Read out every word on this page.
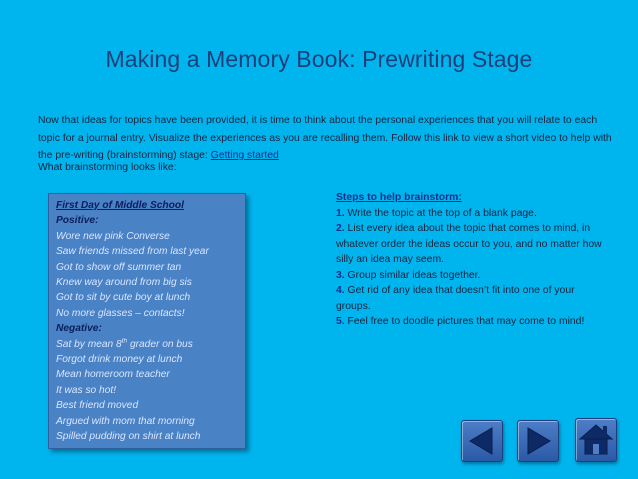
Making a Memory Book: Prewriting Stage
Now that ideas for topics have been provided, it is time to think about the personal experiences that you will relate to each topic for a journal entry. Visualize the experiences as you are recalling them. Follow this link to view a short video to help with the pre-writing (brainstorming) stage: Getting started
What brainstorming looks like:
First Day of Middle School
Positive:
Wore new pink Converse
Saw friends missed from last year
Got to show off summer tan
Knew way around from big sis
Got to sit by cute boy at lunch
No more glasses – contacts!
Negative:
Sat by mean 8th grader on bus
Forgot drink money at lunch
Mean homeroom teacher
It was so hot!
Best friend moved
Argued with mom that morning
Spilled pudding on shirt at lunch
Steps to help brainstorm:
1. Write the topic at the top of a blank page.
2. List every idea about the topic that comes to mind, in whatever order the ideas occur to you, and no matter how silly an idea may seem.
3. Group similar ideas together.
4. Get rid of any idea that doesn’t fit into one of your groups.
5. Feel free to doodle pictures that may come to mind!
